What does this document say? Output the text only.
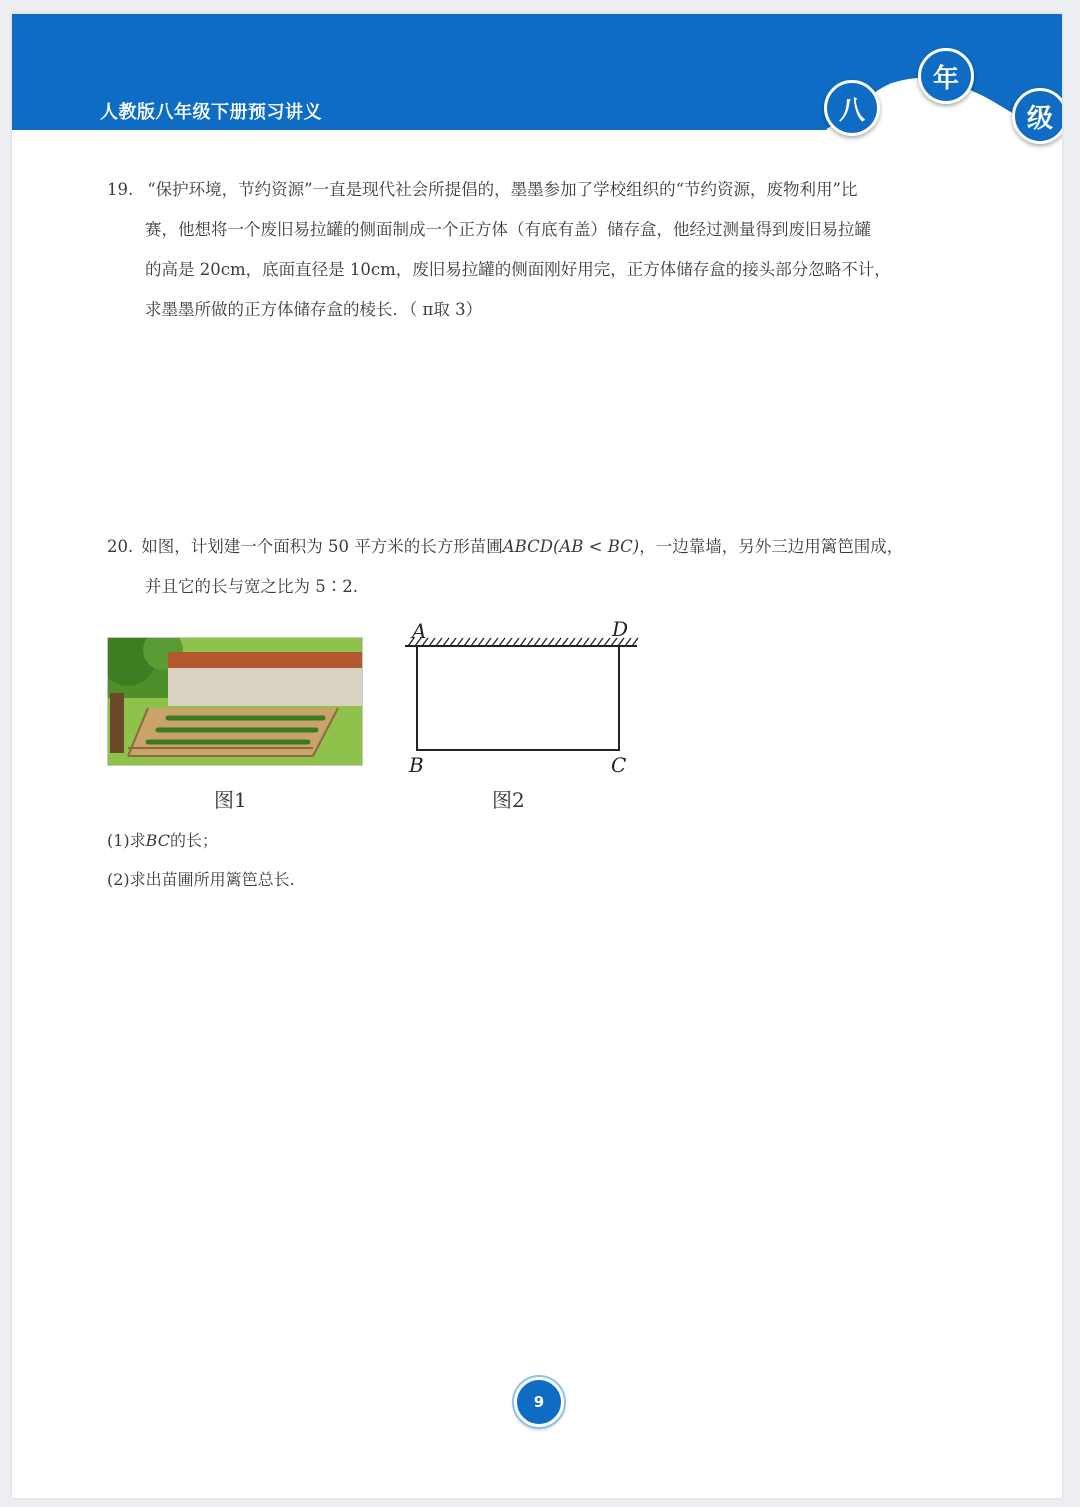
人教版八年级下册预习讲义	八
年
级
19. “保护环境，节约资源”一直是现代社会所提倡的，墨墨参加了学校组织的“节约资源，废物利用”比
赛，他想将一个废旧易拉罐的侧面制成一个正方体（有底有盖）储存盒，他经过测量得到废旧易拉罐
的高是 20cm，底面直径是 10cm，废旧易拉罐的侧面刚好用完，正方体储存盒的接头部分忽略不计，
求墨墨所做的正方体储存盒的棱长．（ π取 3）
20. 如图，计划建一个面积为 50 平方米的长方形苗圃ABCD(AB < BC)，一边靠墙，另外三边用篱笆围成，
并且它的长与宽之比为 5∶2.
图1
A	D
B	C
图2
(1)求BC的长；
(2)求出苗圃所用篱笆总长.
9
